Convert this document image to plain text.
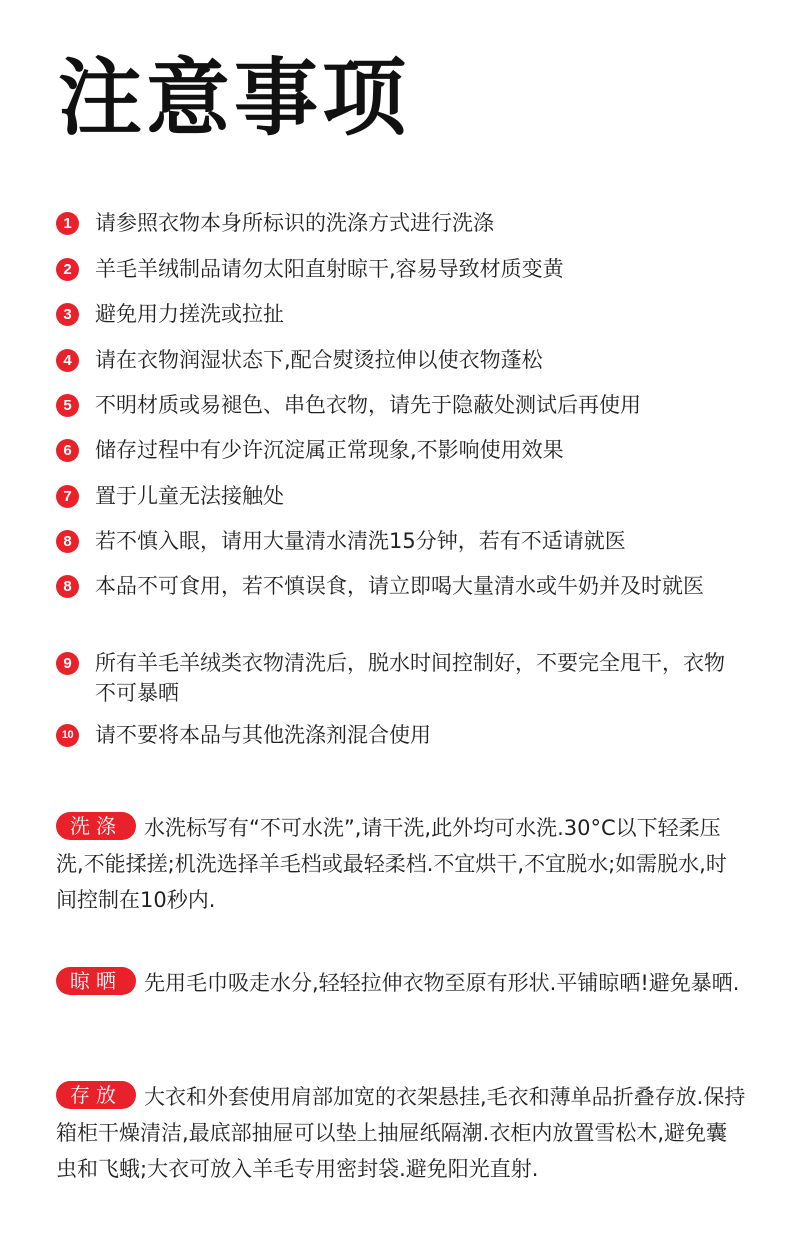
注意事项
1	请参照衣物本身所标识的洗涤方式进行洗涤
2	羊毛羊绒制品请勿太阳直射晾干,容易导致材质变黄
3	避免用力搓洗或拉扯
4	请在衣物润湿状态下,配合熨烫拉伸以使衣物蓬松
5	不明材质或易褪色、串色衣物，请先于隐蔽处测试后再使用
6	储存过程中有少许沉淀属正常现象,不影响使用效果
7	置于儿童无法接触处
8	若不慎入眼，请用大量清水清洗15分钟，若有不适请就医
8	本品不可食用，若不慎误食，请立即喝大量清水或牛奶并及时就医
9	所有羊毛羊绒类衣物清洗后，脱水时间控制好，不要完全甩干，衣物不可暴晒
10 请不要将本品与其他洗涤剂混合使用
洗涤 水洗标写有“不可水洗”,请干洗,此外均可水洗.30°C以下轻柔压洗,不能揉搓;机洗选择羊毛档或最轻柔档.不宜烘干,不宜脱水;如需脱水,时间控制在10秒内.
晾晒 先用毛巾吸走水分,轻轻拉伸衣物至原有形状.平铺晾晒!避免暴晒.
存放 大衣和外套使用肩部加宽的衣架悬挂,毛衣和薄单品折叠存放.保持箱柜干燥清洁,最底部抽屉可以垫上抽屉纸隔潮.衣柜内放置雪松木,避免囊虫和飞蛾;大衣可放入羊毛专用密封袋.避免阳光直射.
